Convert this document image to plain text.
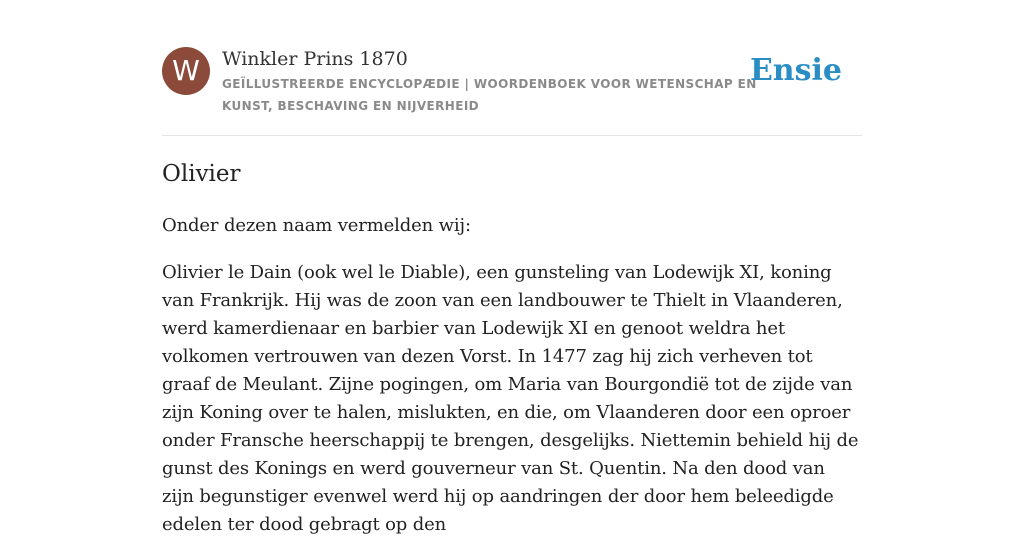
W	Winkler Prins 1870
GEÏLLUSTREERDE ENCYCLOPÆDIE | WOORDENBOEK VOOR WETENSCHAP EN KUNST, BESCHAVING EN NIJVERHEID
Ensie
Olivier

Onder dezen naam vermelden wij:

Olivier le Dain (ook wel le Diable), een gunsteling van Lodewijk XI, koning van Frankrijk. Hij was de zoon van een landbouwer te Thielt in Vlaanderen, werd kamerdienaar en barbier van Lodewijk XI en genoot weldra het volkomen vertrouwen van dezen Vorst. In 1477 zag hij zich verheven tot graaf de Meulant. Zijne pogingen, om Maria van Bourgondië tot de zijde van zijn Koning over te halen, mislukten, en die, om Vlaanderen door een oproer onder Fransche heerschappij te brengen, desgelijks. Niettemin behield hij de gunst des Konings en werd gouverneur van St. Quentin. Na den dood van zijn begunstiger evenwel werd hij op aandringen der door hem beleedigde edelen ter dood gebragt op den
